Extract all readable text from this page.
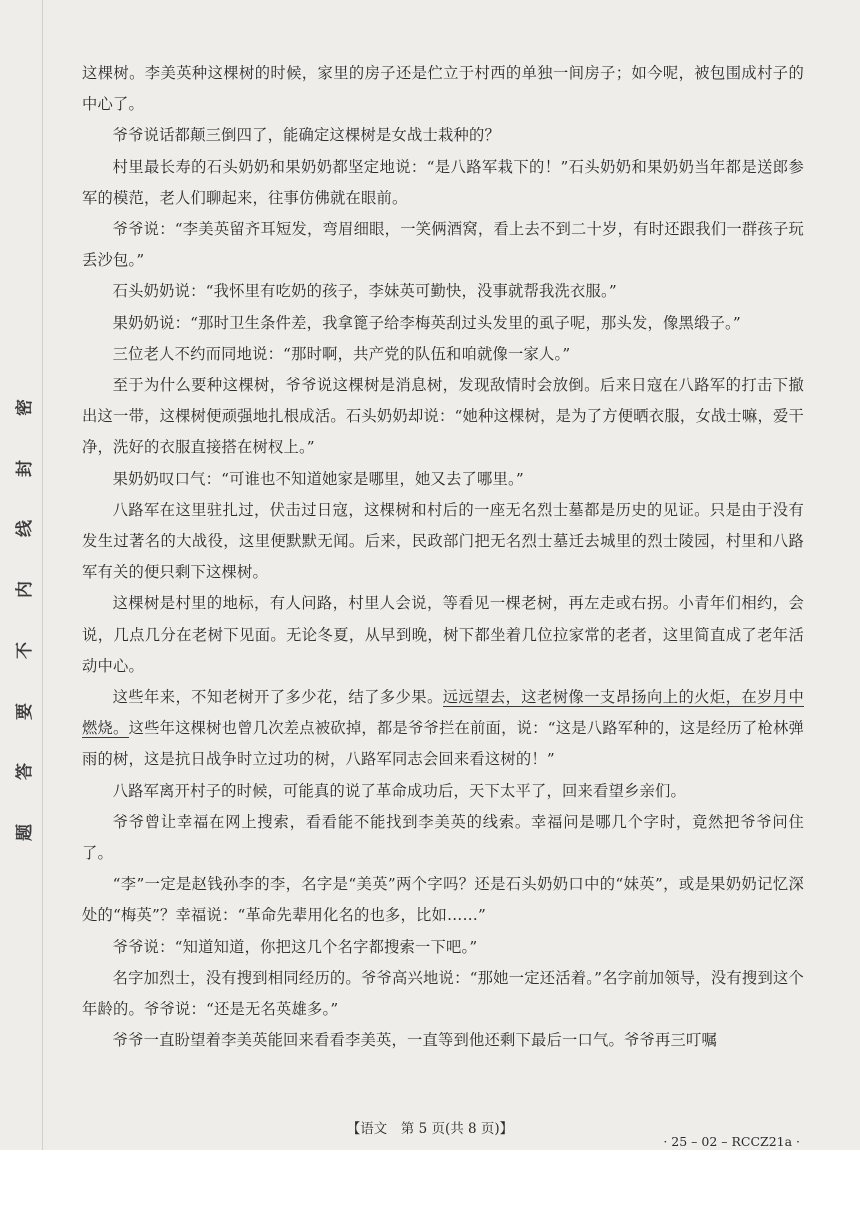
密
封
线
内
不
要
答
题

这棵树。李美英种这棵树的时候，家里的房子还是伫立于村西的单独一间房子；如今呢，被包围成村子的中心了。

爷爷说话都颠三倒四了，能确定这棵树是女战士栽种的？

村里最长寿的石头奶奶和果奶奶都坚定地说：“是八路军栽下的！”石头奶奶和果奶奶当年都是送郎参军的模范，老人们聊起来，往事仿佛就在眼前。

爷爷说：“李美英留齐耳短发，弯眉细眼，一笑俩酒窝，看上去不到二十岁，有时还跟我们一群孩子玩丢沙包。”

石头奶奶说：“我怀里有吃奶的孩子，李妹英可勤快，没事就帮我洗衣服。”

果奶奶说：“那时卫生条件差，我拿篦子给李梅英刮过头发里的虱子呢，那头发，像黑缎子。”

三位老人不约而同地说：“那时啊，共产党的队伍和咱就像一家人。”

至于为什么要种这棵树，爷爷说这棵树是消息树，发现敌情时会放倒。后来日寇在八路军的打击下撤出这一带，这棵树便顽强地扎根成活。石头奶奶却说：“她种这棵树，是为了方便晒衣服，女战士嘛，爱干净，洗好的衣服直接搭在树杈上。”

果奶奶叹口气：“可谁也不知道她家是哪里，她又去了哪里。”

八路军在这里驻扎过，伏击过日寇，这棵树和村后的一座无名烈士墓都是历史的见证。只是由于没有发生过著名的大战役，这里便默默无闻。后来，民政部门把无名烈士墓迁去城里的烈士陵园，村里和八路军有关的便只剩下这棵树。

这棵树是村里的地标，有人问路，村里人会说，等看见一棵老树，再左走或右拐。小青年们相约，会说，几点几分在老树下见面。无论冬夏，从早到晚，树下都坐着几位拉家常的老者，这里简直成了老年活动中心。

这些年来，不知老树开了多少花，结了多少果。远远望去，这老树像一支昂扬向上的火炬，在岁月中燃烧。这些年这棵树也曾几次差点被砍掉，都是爷爷拦在前面，说：“这是八路军种的，这是经历了枪林弹雨的树，这是抗日战争时立过功的树，八路军同志会回来看这树的！”

八路军离开村子的时候，可能真的说了革命成功后，天下太平了，回来看望乡亲们。

爷爷曾让幸福在网上搜索，看看能不能找到李美英的线索。幸福问是哪几个字时，竟然把爷爷问住了。

“李”一定是赵钱孙李的李，名字是“美英”两个字吗？还是石头奶奶口中的“妹英”，或是果奶奶记忆深处的“梅英”？幸福说：“革命先辈用化名的也多，比如……”

爷爷说：“知道知道，你把这几个名字都搜索一下吧。”

名字加烈士，没有搜到相同经历的。爷爷高兴地说：“那她一定还活着。”名字前加领导，没有搜到这个年龄的。爷爷说：“还是无名英雄多。”

爷爷一直盼望着李美英能回来看看李美英，一直等到他还剩下最后一口气。爷爷再三叮嘱

【语文　第 5 页(共 8 页)】
· 25 – 02 – RCCZ21a ·
